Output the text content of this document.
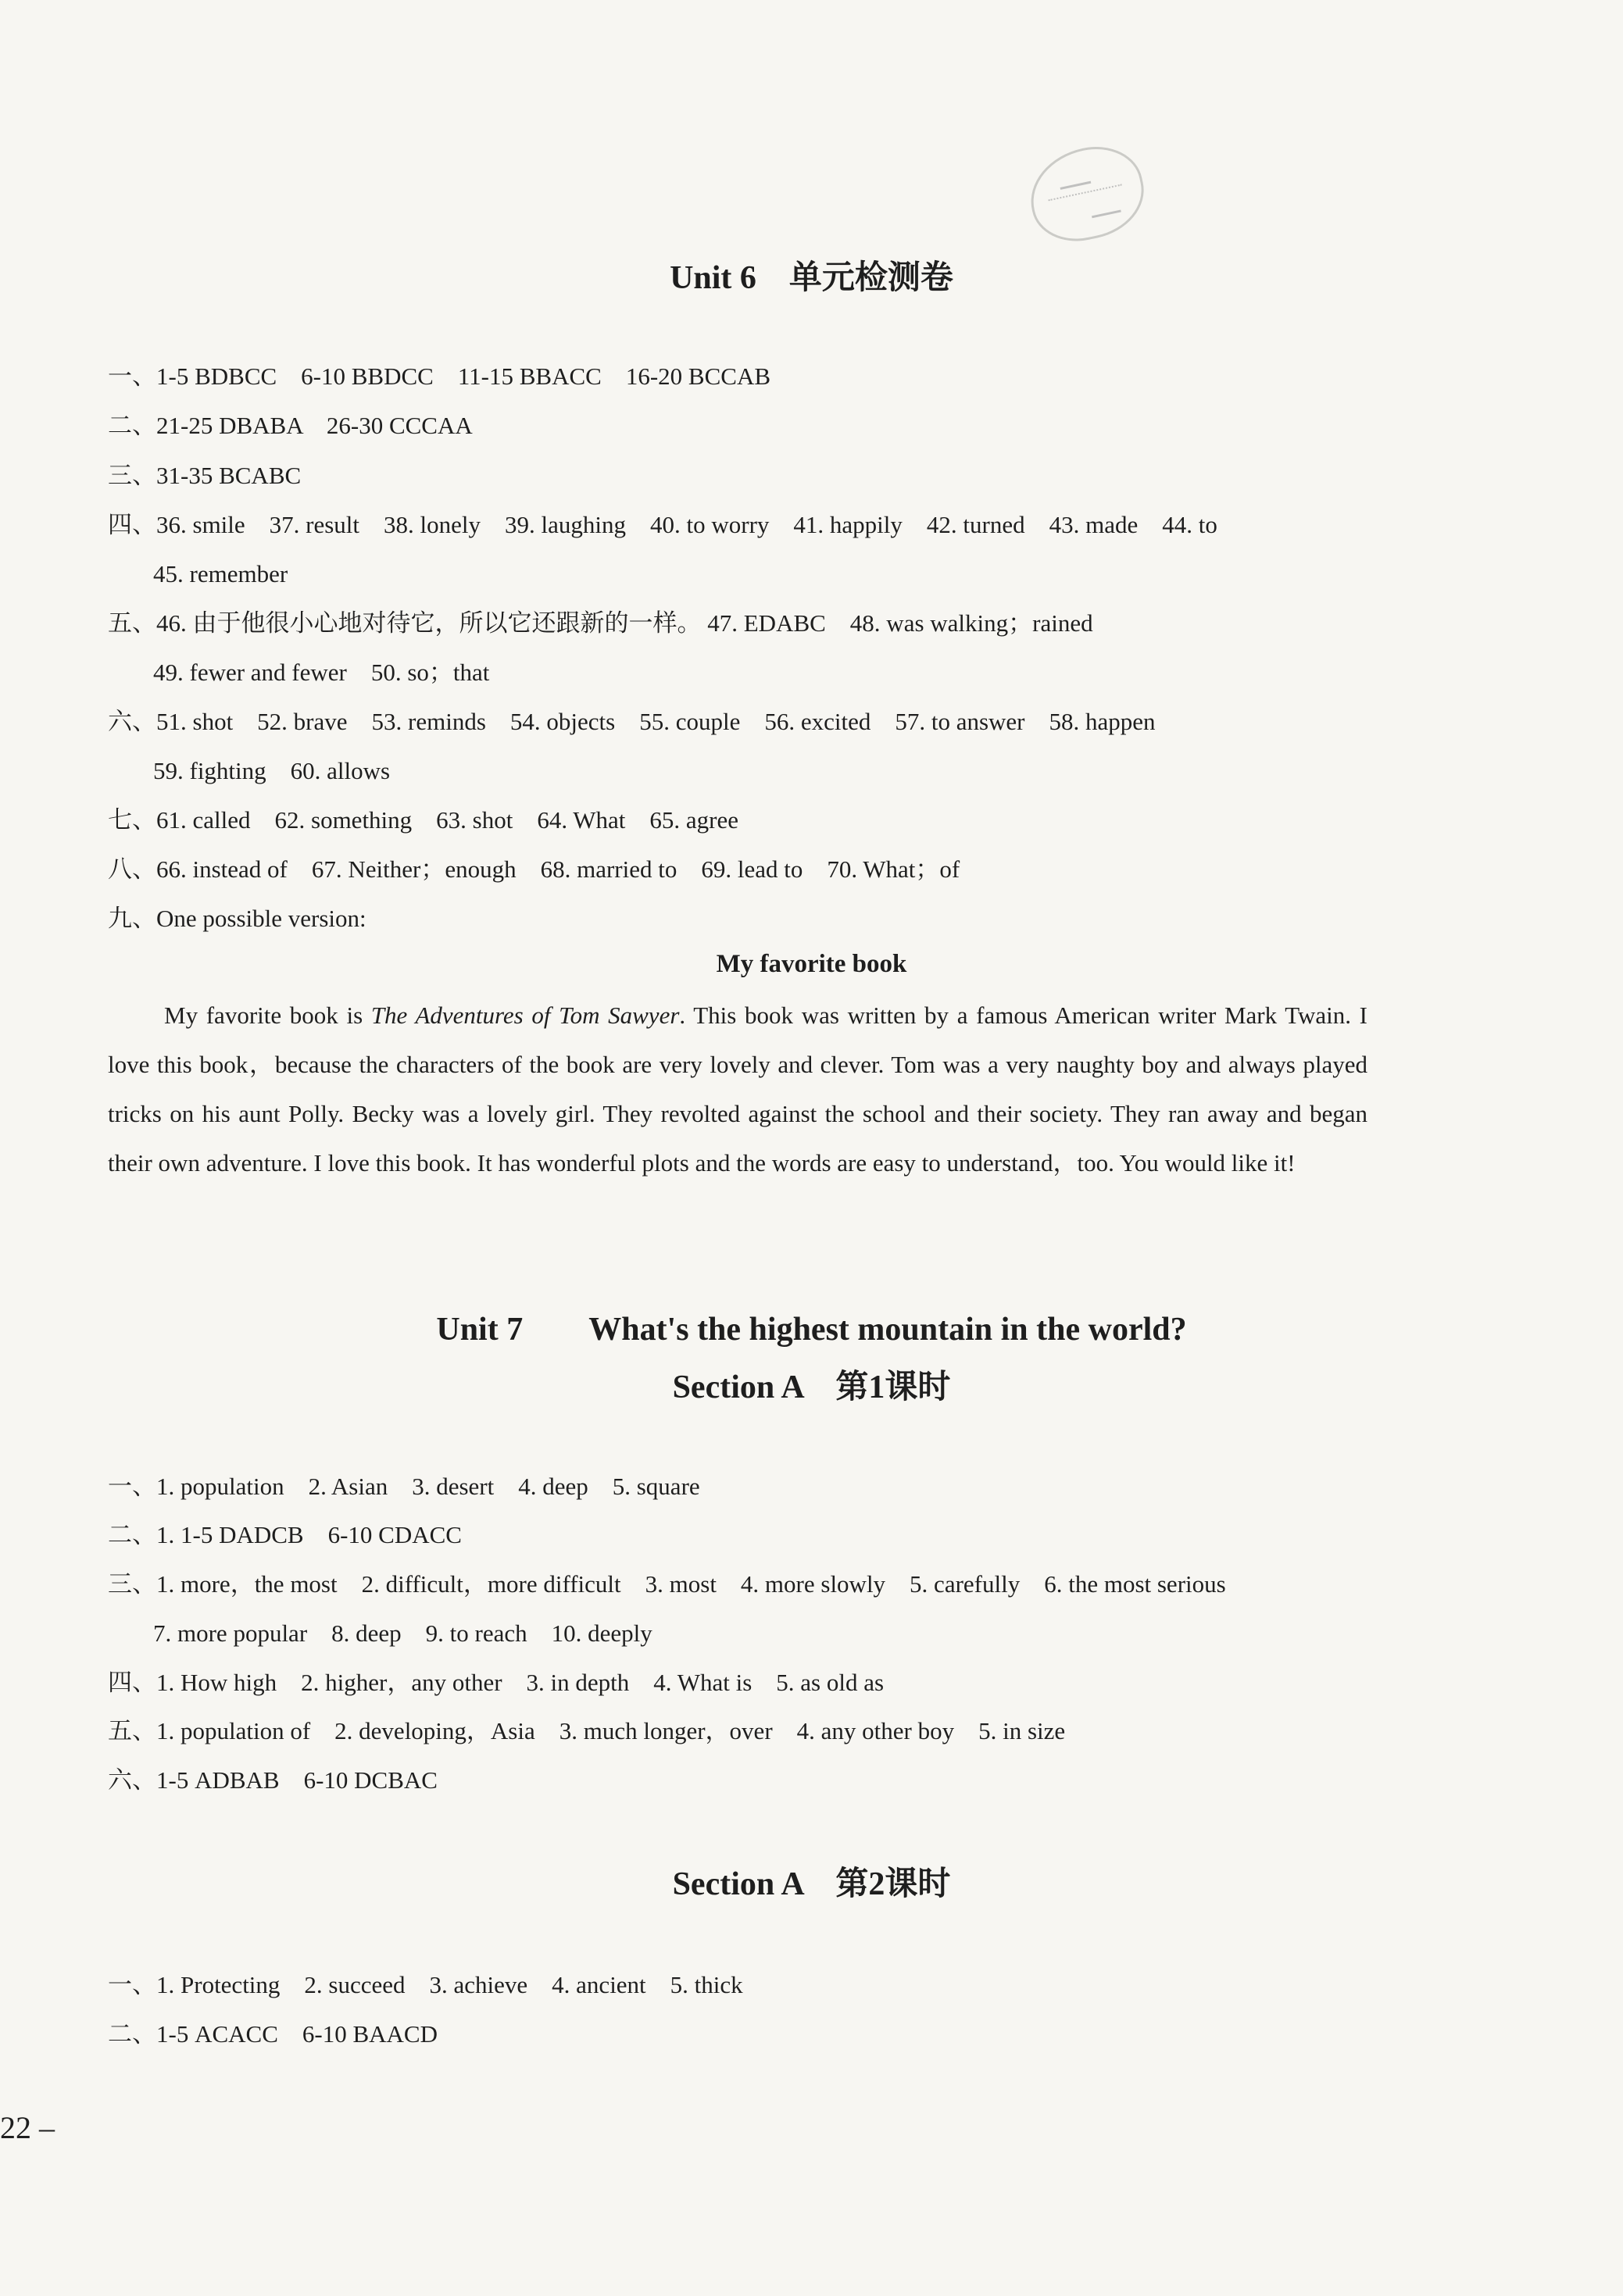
Unit 6　单元检测卷
一、1-5 BDBCC　6-10 BBDCC　11-15 BBACC　16-20 BCCAB
二、21-25 DBABA　26-30 CCCAA
三、31-35 BCABC
四、36. smile　37. result　38. lonely　39. laughing　40. to worry　41. happily　42. turned　43. made　44. to
45. remember
五、46. 由于他很小心地对待它，所以它还跟新的一样。 47. EDABC　48. was walking；rained
49. fewer and fewer　50. so；that
六、51. shot　52. brave　53. reminds　54. objects　55. couple　56. excited　57. to answer　58. happen
59. fighting　60. allows
七、61. called　62. something　63. shot　64. What　65. agree
八、66. instead of　67. Neither；enough　68. married to　69. lead to　70. What；of
九、One possible version:
My favorite book
My favorite book is The Adventures of Tom Sawyer. This book was written by a famous American writer Mark Twain. I love this book，because the characters of the book are very lovely and clever. Tom was a very naughty boy and always played tricks on his aunt Polly. Becky was a lovely girl. They revolted against the school and their society. They ran away and began their own adventure. I love this book. It has wonderful plots and the words are easy to understand，too. You would like it!
Unit 7　　What's the highest mountain in the world?
Section A　第1课时
一、1. population　2. Asian　3. desert　4. deep　5. square
二、1. 1-5 DADCB　6-10 CDACC
三、1. more，the most　2. difficult，more difficult　3. most　4. more slowly　5. carefully　6. the most serious
7. more popular　8. deep　9. to reach　10. deeply
四、1. How high　2. higher，any other　3. in depth　4. What is　5. as old as
五、1. population of　2. developing，Asia　3. much longer，over　4. any other boy　5. in size
六、1-5 ADBAB　6-10 DCBAC
Section A　第2课时
一、1. Protecting　2. succeed　3. achieve　4. ancient　5. thick
二、1-5 ACACC　6-10 BAACD
22 –
